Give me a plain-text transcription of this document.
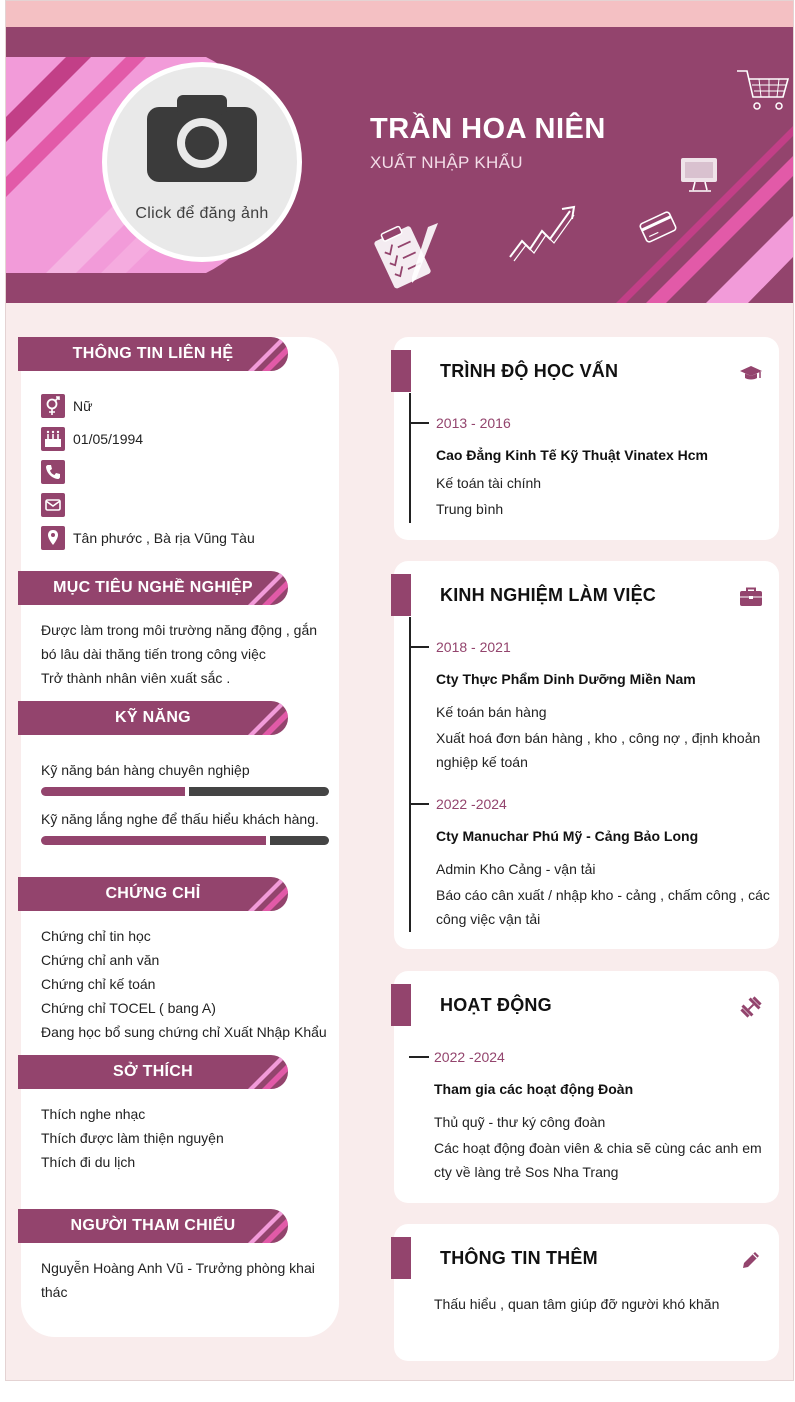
Click để đăng ảnh
TRẦN HOA NIÊN
XUẤT NHẬP KHẨU
THÔNG TIN LIÊN HỆ
Nữ
01/05/1994
Tân phước , Bà rịa Vũng Tàu
MỤC TIÊU NGHỀ NGHIỆP
Được làm trong môi trường năng động , gắn
bó lâu dài thăng tiến trong công việc
Trở thành nhân viên xuất sắc .
KỸ NĂNG
Kỹ năng bán hàng chuyên nghiệp
Kỹ năng lắng nghe để thấu hiểu khách hàng.
CHỨNG CHỈ
Chứng chỉ tin học
Chứng chỉ anh văn
Chứng chỉ kế toán
Chứng chỉ TOCEL ( bang A)
Đang học bổ sung chứng chỉ Xuất Nhập Khẩu
SỞ THÍCH
Thích nghe nhạc
Thích được làm thiện nguyện
Thích đi du lịch
NGƯỜI THAM CHIẾU
Nguyễn Hoàng Anh Vũ - Trưởng phòng khai
thác
TRÌNH ĐỘ HỌC VẤN
2013 - 2016
Cao Đẳng Kinh Tế Kỹ Thuật Vinatex Hcm
Kế toán tài chính
Trung bình
KINH NGHIỆM LÀM VIỆC
2018 - 2021
Cty Thực Phẩm Dinh Dưỡng Miền Nam
Kế toán bán hàng
Xuất hoá đơn bán hàng , kho , công nợ , định khoản
nghiệp kế toán
2022 -2024
Cty Manuchar Phú Mỹ - Cảng Bảo Long
Admin Kho Cảng - vận tải
Báo cáo cân xuất / nhập kho - cảng , chấm công , các
công việc vận tải
HOẠT ĐỘNG
2022 -2024
Tham gia các hoạt động Đoàn
Thủ quỹ - thư ký công đoàn
Các hoạt động đoàn viên & chia sẽ cùng các anh em
cty về làng trẻ Sos Nha Trang
THÔNG TIN THÊM
Thấu hiểu , quan tâm giúp đỡ người khó khăn
